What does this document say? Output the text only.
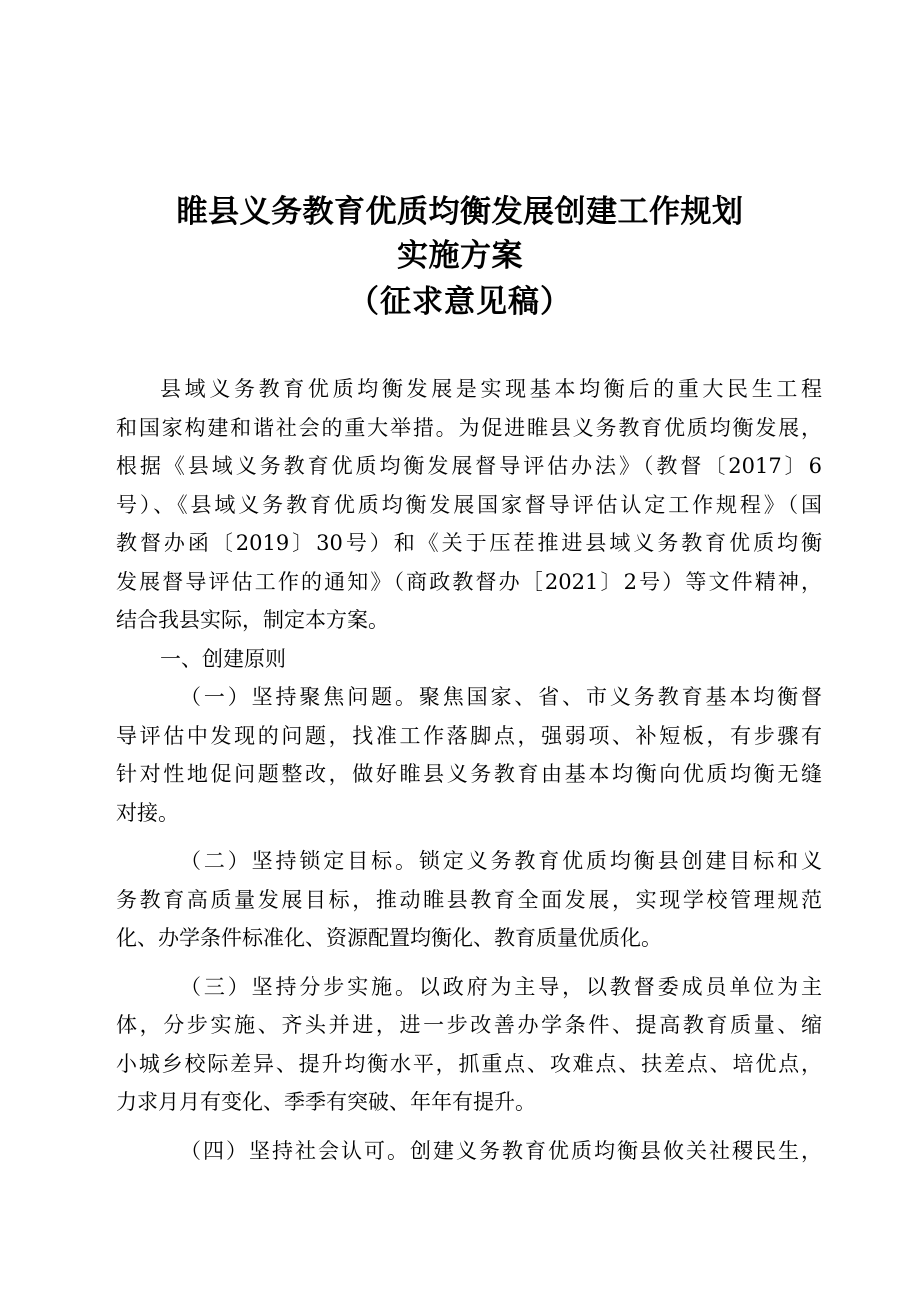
睢县义务教育优质均衡发展创建工作规划
实施方案
（征求意见稿）
县域义务教育优质均衡发展是实现基本均衡后的重大民生工程
和国家构建和谐社会的重大举措。为促进睢县义务教育优质均衡发展，
根据《县域义务教育优质均衡发展督导评估办法》（教督〔2017〕6
号）、《县域义务教育优质均衡发展国家督导评估认定工作规程》（国
教督办函〔2019〕30号）和《关于压茬推进县域义务教育优质均衡
发展督导评估工作的通知》（商政教督办［2021〕2号）等文件精神，
结合我县实际，制定本方案。
一、创建原则
（一）坚持聚焦问题。聚焦国家、省、市义务教育基本均衡督
导评估中发现的问题，找准工作落脚点，强弱项、补短板，有步骤有
针对性地促问题整改，做好睢县义务教育由基本均衡向优质均衡无缝
对接。
（二）坚持锁定目标。锁定义务教育优质均衡县创建目标和义
务教育高质量发展目标，推动睢县教育全面发展，实现学校管理规范
化、办学条件标准化、资源配置均衡化、教育质量优质化。
（三）坚持分步实施。以政府为主导，以教督委成员单位为主
体，分步实施、齐头并进，进一步改善办学条件、提高教育质量、缩
小城乡校际差异、提升均衡水平，抓重点、攻难点、扶差点、培优点，
力求月月有变化、季季有突破、年年有提升。
（四）坚持社会认可。创建义务教育优质均衡县攸关社稷民生，
